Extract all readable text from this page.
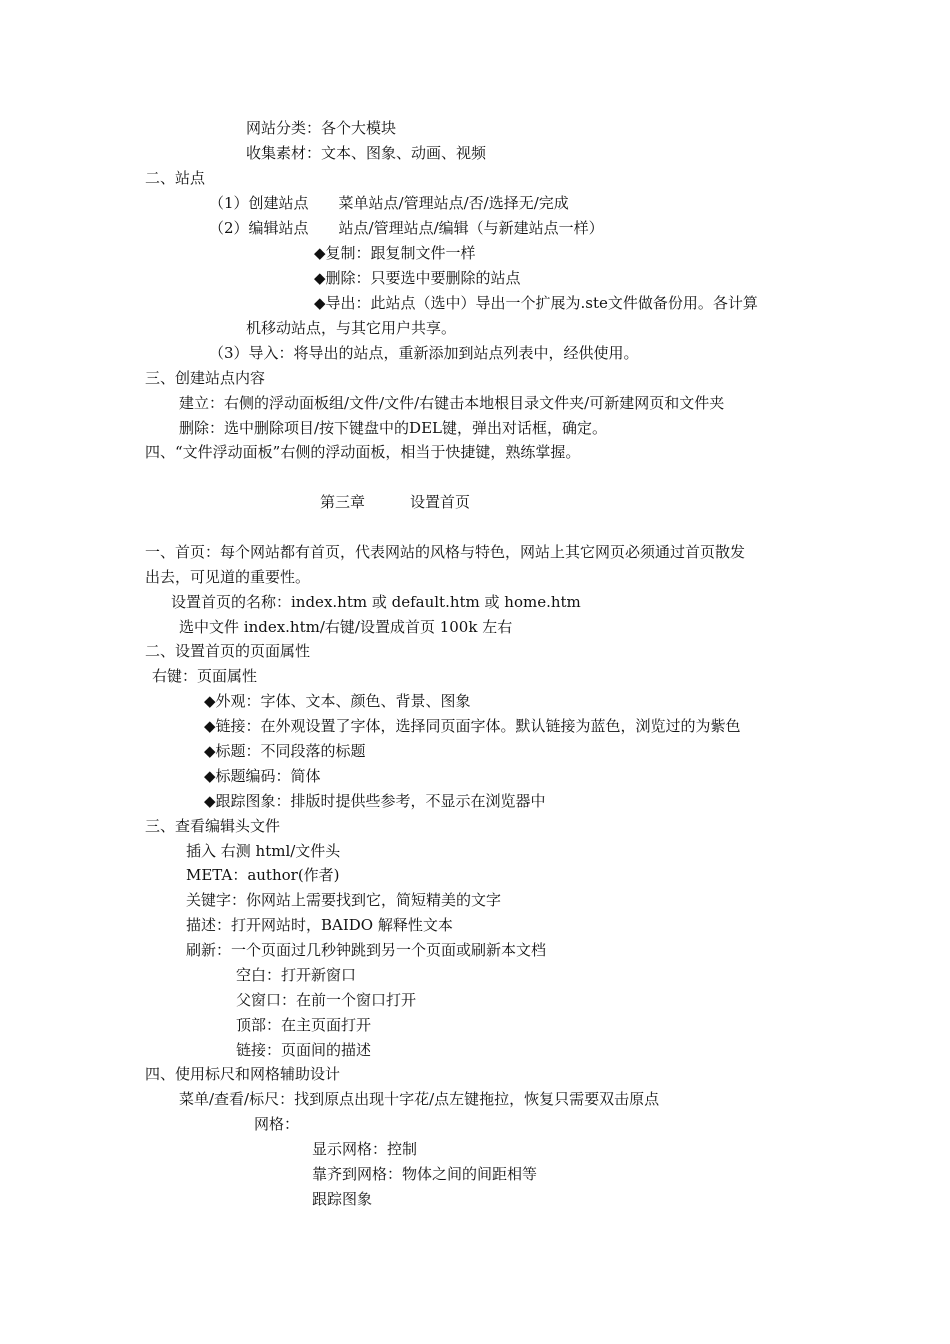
网站分类：各个大模块
收集素材：文本、图象、动画、视频
二、站点
（1）创建站点　　菜单站点/管理站点/否/选择无/完成
（2）编辑站点　　站点/管理站点/编辑（与新建站点一样）
◆复制：跟复制文件一样
◆删除：只要选中要删除的站点
◆导出：此站点（选中）导出一个扩展为.ste文件做备份用。各计算
机移动站点，与其它用户共享。
（3）导入：将导出的站点，重新添加到站点列表中，经供使用。
三、创建站点内容
建立：右侧的浮动面板组/文件/文件/右键击本地根目录文件夹/可新建网页和文件夹
删除：选中删除项目/按下键盘中的DEL键，弹出对话框，确定。
四、“文件浮动面板”右侧的浮动面板，相当于快捷键，熟练掌握。
第三章　　　设置首页
一、首页：每个网站都有首页，代表网站的风格与特色，网站上其它网页必须通过首页散发
出去，可见道的重要性。
设置首页的名称：index.htm 或 default.htm 或 home.htm
选中文件 index.htm/右键/设置成首页 100k 左右
二、设置首页的页面属性
右键：页面属性
◆外观：字体、文本、颜色、背景、图象
◆链接：在外观设置了字体，选择同页面字体。默认链接为蓝色，浏览过的为紫色
◆标题：不同段落的标题
◆标题编码：简体
◆跟踪图象：排版时提供些参考，不显示在浏览器中
三、查看编辑头文件
插入 右测 html/文件头
META：author(作者)
关键字：你网站上需要找到它，简短精美的文字
描述：打开网站时，BAIDO 解释性文本
刷新：一个页面过几秒钟跳到另一个页面或刷新本文档
空白：打开新窗口
父窗口：在前一个窗口打开
顶部：在主页面打开
链接：页面间的描述
四、使用标尺和网格辅助设计
菜单/查看/标尺：找到原点出现十字花/点左键拖拉，恢复只需要双击原点
网格：
显示网格：控制
靠齐到网格：物体之间的间距相等
跟踪图象
